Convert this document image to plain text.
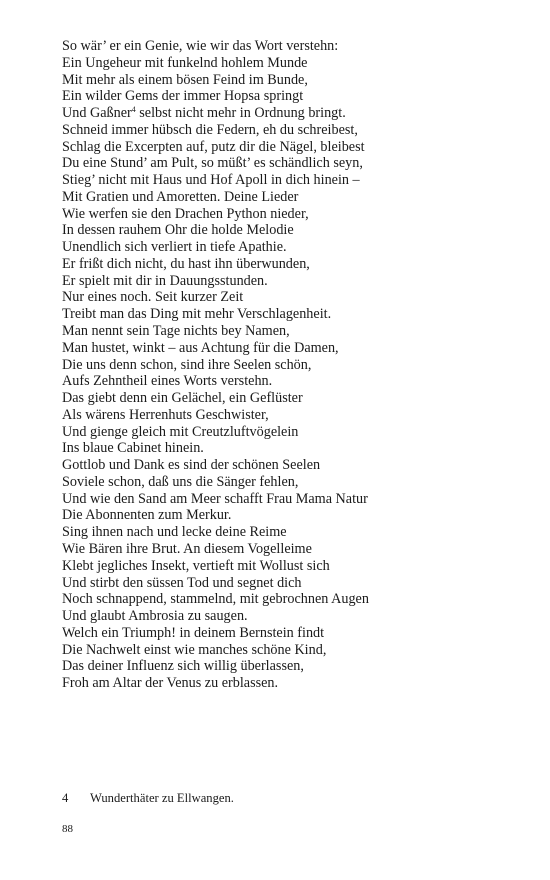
So wär’ er ein Genie, wie wir das Wort verstehn:
Ein Ungeheur mit funkelnd hohlem Munde
Mit mehr als einem bösen Feind im Bunde,
Ein wilder Gems der immer Hopsa springt
Und Gaßner$^4$ selbst nicht mehr in Ordnung bringt.
Schneid immer hübsch die Federn, eh du schreibest,
Schlag die Excerpten auf, putz dir die Nägel, bleibest
Du eine Stund’ am Pult, so müßt’ es schändlich seyn,
Stieg’ nicht mit Haus und Hof Apoll in dich hinein –
Mit Gratien und Amoretten. Deine Lieder
Wie werfen sie den Drachen Python nieder,
In dessen rauhem Ohr die holde Melodie
Unendlich sich verliert in tiefe Apathie.
Er frißt dich nicht, du hast ihn überwunden,
Er spielt mit dir in Dauungsstunden.
Nur eines noch. Seit kurzer Zeit
Treibt man das Ding mit mehr Verschlagenheit.
Man nennt sein Tage nichts bey Namen,
Man hustet, winkt – aus Achtung für die Damen,
Die uns denn schon, sind ihre Seelen schön,
Aufs Zehntheil eines Worts verstehn.
Das giebt denn ein Gelächel, ein Geflüster
Als wärens Herrenhuts Geschwister,
Und gienge gleich mit Creutzluftvögelein
Ins blaue Cabinet hinein.
Gottlob und Dank es sind der schönen Seelen
Soviele schon, daß uns die Sänger fehlen,
Und wie den Sand am Meer schafft Frau Mama Natur
Die Abonnenten zum Merkur.
Sing ihnen nach und lecke deine Reime
Wie Bären ihre Brut. An diesem Vogelleime
Klebt jegliches Insekt, vertieft mit Wollust sich
Und stirbt den süssen Tod und segnet dich
Noch schnappend, stammelnd, mit gebrochnen Augen
Und glaubt Ambrosia zu saugen.
Welch ein Triumph! in deinem Bernstein findt
Die Nachwelt einst wie manches schöne Kind,
Das deiner Influenz sich willig überlassen,
Froh am Altar der Venus zu erblassen.
4 Wunderthäter zu Ellwangen.
88
